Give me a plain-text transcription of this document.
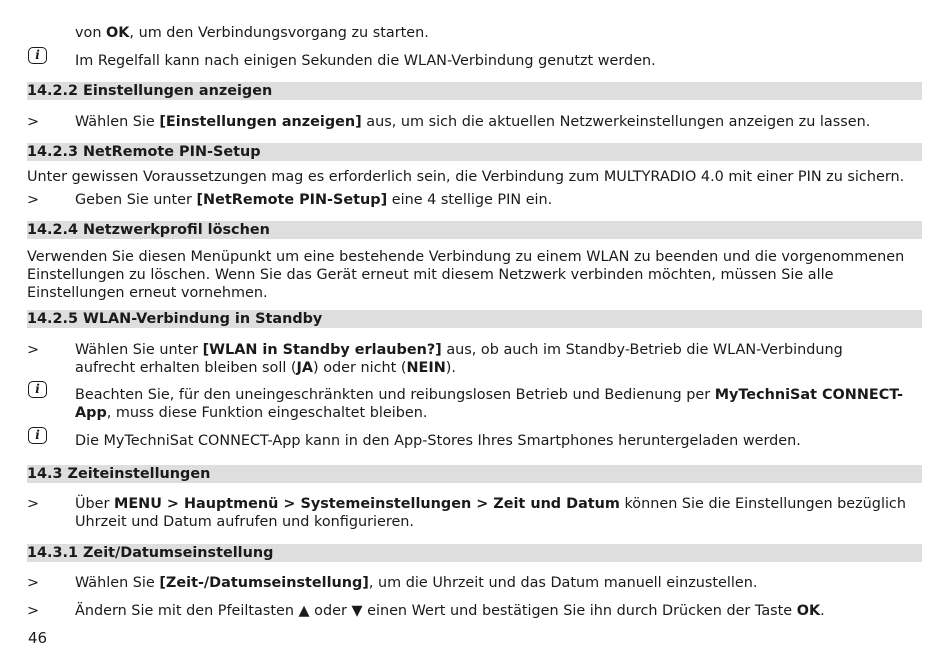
von OK, um den Verbindungsvorgang zu starten.
i	Im Regelfall kann nach einigen Sekunden die WLAN-Verbindung genutzt werden.
14.2.2 Einstellungen anzeigen
> Wählen Sie [Einstellungen anzeigen] aus, um sich die aktuellen Netzwerkeinstellungen anzeigen zu lassen.
14.2.3 NetRemote PIN-Setup
Unter gewissen Voraussetzungen mag es erforderlich sein, die Verbindung zum MULTYRADIO 4.0 mit einer PIN zu sichern.
> Geben Sie unter [NetRemote PIN-Setup] eine 4 stellige PIN ein.
14.2.4 Netzwerkprofil löschen
Verwenden Sie diesen Menüpunkt um eine bestehende Verbindung zu einem WLAN zu beenden und die vorgenommenen Einstellungen zu löschen. Wenn Sie das Gerät erneut mit diesem Netzwerk verbinden möchten, müssen Sie alle Einstellungen erneut vornehmen.
14.2.5 WLAN-Verbindung in Standby
> Wählen Sie unter [WLAN in Standby erlauben?] aus, ob auch im Standby-Betrieb die WLAN-Verbindung aufrecht erhalten bleiben soll (JA) oder nicht (NEIN).
i	Beachten Sie, für den uneingeschränkten und reibungslosen Betrieb und Bedienung per MyTechniSat CONNECT-App, muss diese Funktion eingeschaltet bleiben.
i	Die MyTechniSat CONNECT-App kann in den App-Stores Ihres Smartphones heruntergeladen werden.
14.3 Zeiteinstellungen
> Über MENU > Hauptmenü > Systemeinstellungen > Zeit und Datum können Sie die Einstellungen bezüglich Uhrzeit und Datum aufrufen und konfigurieren.
14.3.1 Zeit/Datumseinstellung
> Wählen Sie [Zeit-/Datumseinstellung], um die Uhrzeit und das Datum manuell einzustellen.
> Ändern Sie mit den Pfeiltasten ▲ oder ▼ einen Wert und bestätigen Sie ihn durch Drücken der Taste OK.
46
